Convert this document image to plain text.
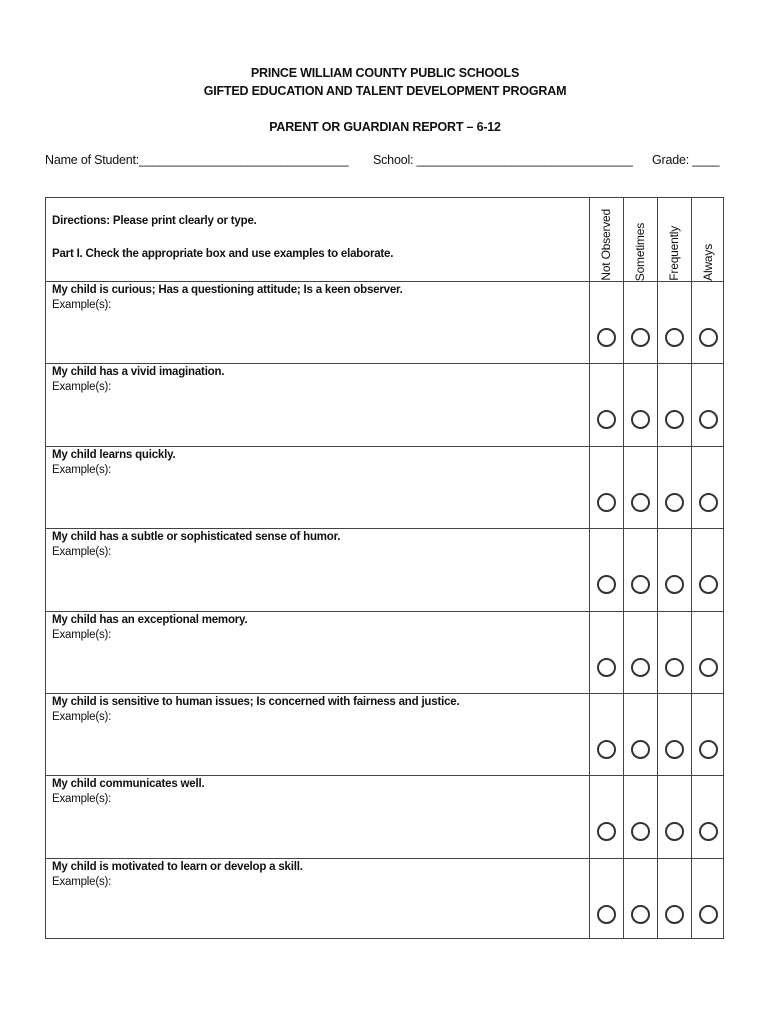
PRINCE WILLIAM COUNTY PUBLIC SCHOOLS
GIFTED EDUCATION AND TALENT DEVELOPMENT PROGRAM
PARENT OR GUARDIAN REPORT – 6-12
Name of Student:_______________________________ School: ________________________________ Grade: ____
Directions: Please print clearly or type.
Part I. Check the appropriate box and use examples to elaborate.	Not Observed Sometimes Frequently Always
My child is curious; Has a questioning attitude; Is a keen observer.
Example(s):
My child has a vivid imagination.
Example(s):
My child learns quickly.
Example(s):
My child has a subtle or sophisticated sense of humor.
Example(s):
My child has an exceptional memory.
Example(s):
My child is sensitive to human issues; Is concerned with fairness and justice.
Example(s):
My child communicates well.
Example(s):
My child is motivated to learn or develop a skill.
Example(s):
